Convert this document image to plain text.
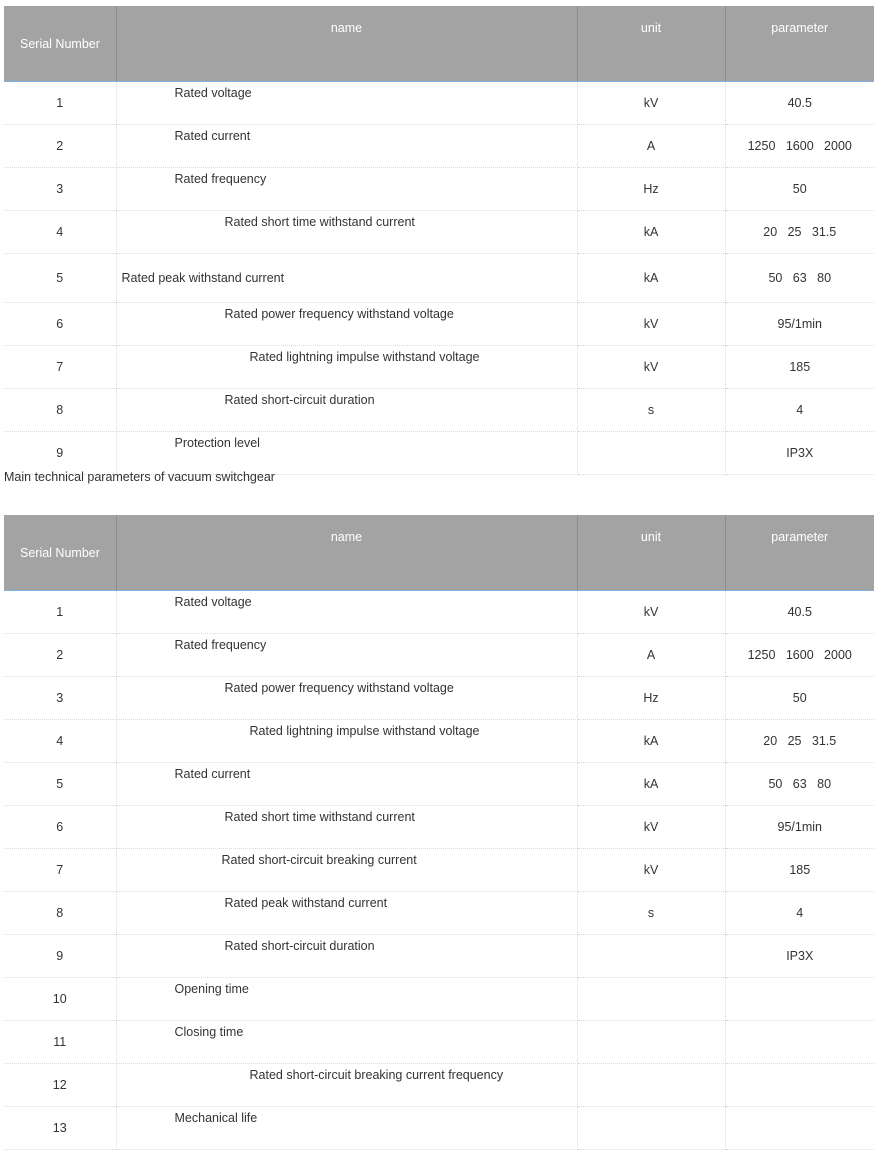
Serial Number	name	unit	parameter
1	Rated voltage	kV	40.5
2	Rated current	A	1250   1600   2000
3	Rated frequency	Hz	50
4	Rated short time withstand current	kA	20   25   31.5
5	Rated peak withstand current	kA	50   63   80
6	Rated power frequency withstand voltage	kV	95/1min
7	Rated lightning impulse withstand voltage	kV	185
8	Rated short-circuit duration	s	4
9	Protection level		IP3X
Main technical parameters of vacuum switchgear
Serial Number	name	unit	parameter
1	Rated voltage	kV	40.5
2	Rated frequency	A	1250   1600   2000
3	Rated power frequency withstand voltage	Hz	50
4	Rated lightning impulse withstand voltage	kA	20   25   31.5
5	Rated current	kA	50   63   80
6	Rated short time withstand current	kV	95/1min
7	Rated short-circuit breaking current	kV	185
8	Rated peak withstand current	s	4
9	Rated short-circuit duration		IP3X
10	Opening time		
11	Closing time		
12	Rated short-circuit breaking current frequency		
13	Mechanical life		
